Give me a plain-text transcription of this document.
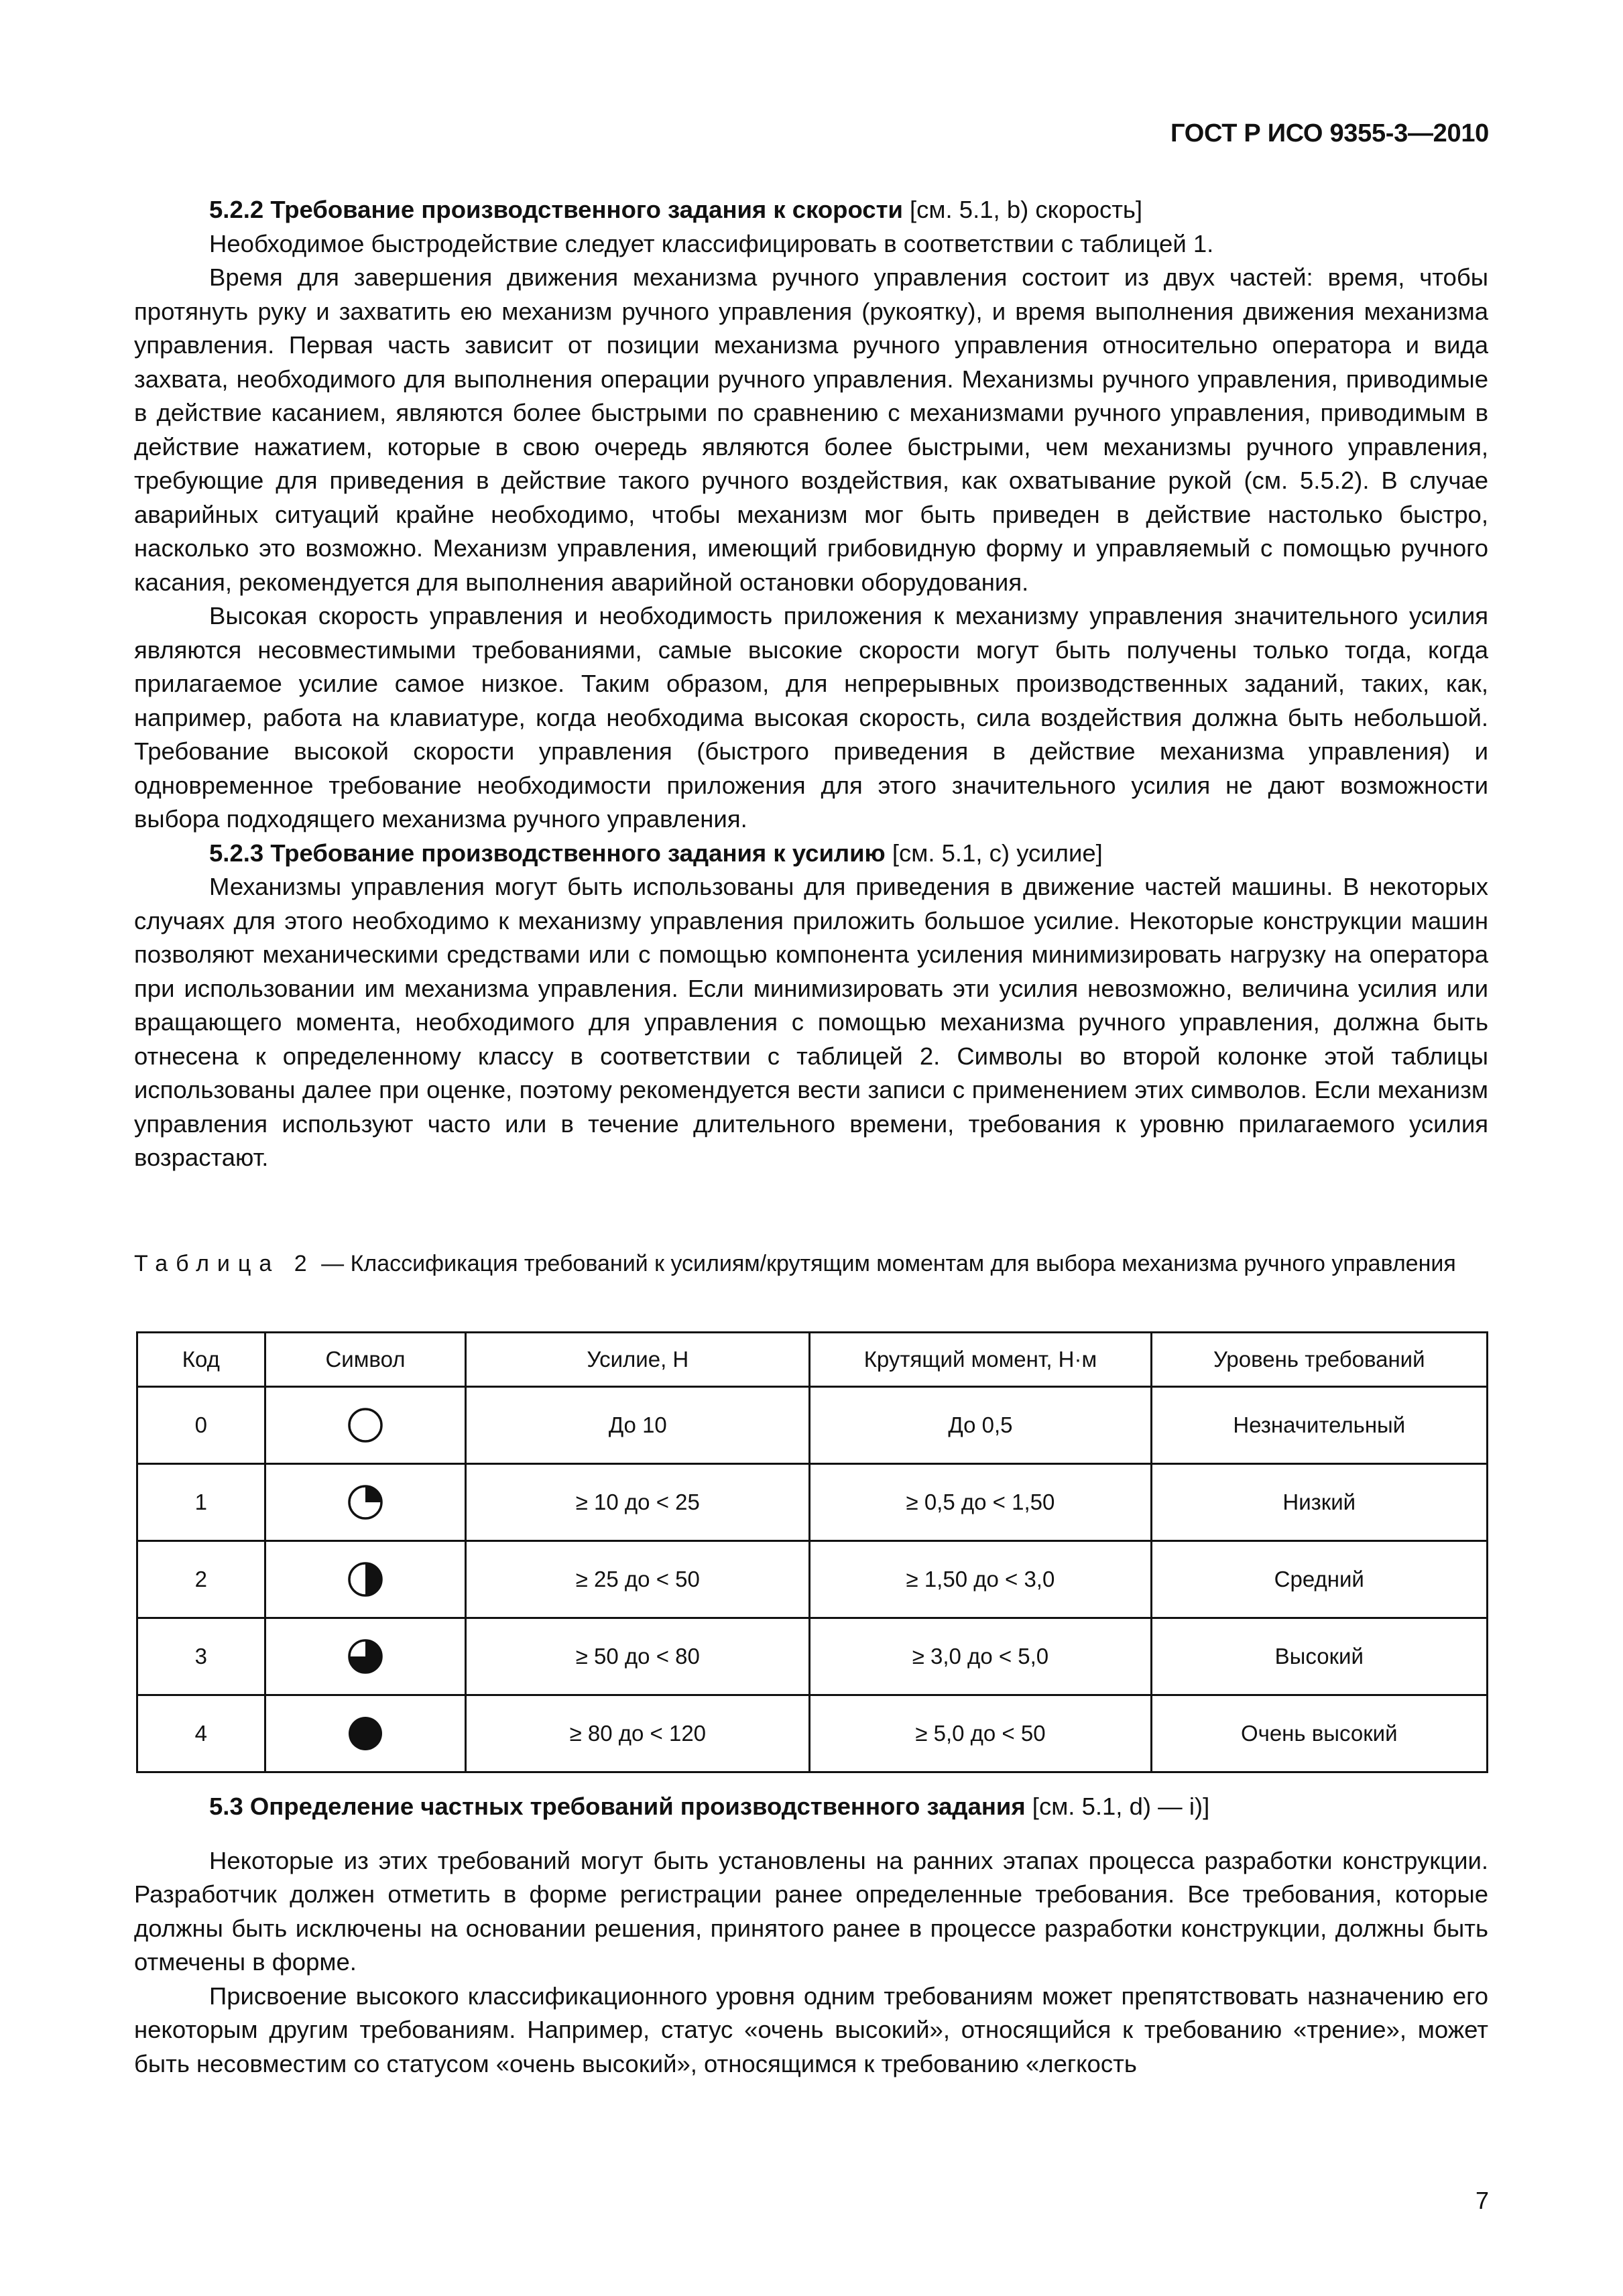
ГОСТ Р ИСО 9355-3—2010

5.2.2 Требование производственного задания к скорости [см. 5.1, b) скорость]

Необходимое быстродействие следует классифицировать в соответствии с таблицей 1.

Время для завершения движения механизма ручного управления состоит из двух частей: время, чтобы протянуть руку и захватить ею механизм ручного управления (рукоятку), и время выполнения движения механизма управления. Первая часть зависит от позиции механизма ручного управления относительно оператора и вида захвата, необходимого для выполнения операции ручного управления. Механизмы ручного управления, приводимые в действие касанием, являются более быстрыми по сравнению с механизмами ручного управления, приводимым в действие нажатием, которые в свою очередь являются более быстрыми, чем механизмы ручного управления, требующие для приведения в действие такого ручного воздействия, как охватывание рукой (см. 5.5.2). В случае аварийных ситуаций крайне необходимо, чтобы механизм мог быть приведен в действие настолько быстро, насколько это возможно. Механизм управления, имеющий грибовидную форму и управляемый с помощью ручного касания, рекомендуется для выполнения аварийной остановки оборудования.

Высокая скорость управления и необходимость приложения к механизму управления значительного усилия являются несовместимыми требованиями, самые высокие скорости могут быть получены только тогда, когда прилагаемое усилие самое низкое. Таким образом, для непрерывных производственных заданий, таких, как, например, работа на клавиатуре, когда необходима высокая скорость, сила воздействия должна быть небольшой. Требование высокой скорости управления (быстрого приведения в действие механизма управления) и одновременное требование необходимости приложения для этого значительного усилия не дают возможности выбора подходящего механизма ручного управления.

5.2.3 Требование производственного задания к усилию [см. 5.1, с) усилие]

Механизмы управления могут быть использованы для приведения в движение частей машины. В некоторых случаях для этого необходимо к механизму управления приложить большое усилие. Некоторые конструкции машин позволяют механическими средствами или с помощью компонента усиления минимизировать нагрузку на оператора при использовании им механизма управления. Если минимизировать эти усилия невозможно, величина усилия или вращающего момента, необходимого для управления с помощью механизма ручного управления, должна быть отнесена к определенному классу в соответствии с таблицей 2. Символы во второй колонке этой таблицы использованы далее при оценке, поэтому рекомендуется вести записи с применением этих символов. Если механизм управления используют часто или в течение длительного времени, требования к уровню прилагаемого усилия возрастают.

Таблица 2 — Классификация требований к усилиям/крутящим моментам для выбора механизма ручного управления
Код	Символ	Усилие, Н	Крутящий момент, Н·м	Уровень требований
0		До 10	До 0,5	Незначительный
1		≥ 10 до < 25	≥ 0,5 до < 1,50	Низкий
2		≥ 25 до < 50	≥ 1,50 до < 3,0	Средний
3		≥ 50 до < 80	≥ 3,0 до < 5,0	Высокий
4		≥ 80 до < 120	≥ 5,0 до < 50	Очень высокий

5.3 Определение частных требований производственного задания [см. 5.1, d) — i)]

Некоторые из этих требований могут быть установлены на ранних этапах процесса разработки конструкции. Разработчик должен отметить в форме регистрации ранее определенные требования. Все требования, которые должны быть исключены на основании решения, принятого ранее в процессе разработки конструкции, должны быть отмечены в форме.

Присвоение высокого классификационного уровня одним требованиям может препятствовать назначению его некоторым другим требованиям. Например, статус «очень высокий», относящийся к требованию «трение», может быть несовместим со статусом «очень высокий», относящимся к требованию «легкость

7
